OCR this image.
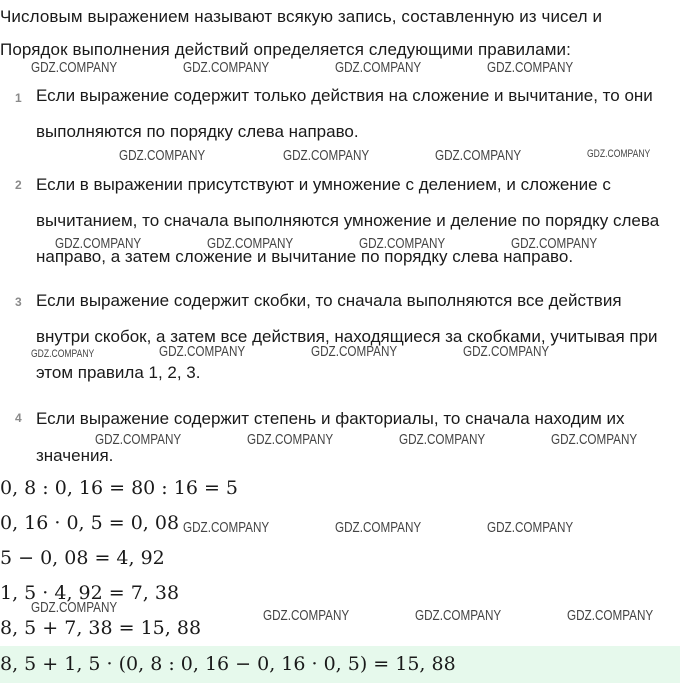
Числовым выражением называют всякую запись, составленную из чисел и
Порядок выполнения действий определяется следующими правилами:
1 Если выражение содержит только действия на сложение и вычитание, то они выполняются по порядку слева направо.
2 Если в выражении присутствуют и умножение с делением, и сложение с вычитанием, то сначала выполняются умножение и деление по порядку слева направо, а затем сложение и вычитание по порядку слева направо.
3 Если выражение содержит скобки, то сначала выполняются все действия внутри скобок, а затем все действия, находящиеся за скобками, учитывая при этом правила 1, 2, 3.
4 Если выражение содержит степень и факториалы, то сначала находим их значения.
0, 8 : 0, 16 = 80 : 16 = 5
0, 16 · 0, 5 = 0, 08
5 − 0, 08 = 4, 92
1, 5 · 4, 92 = 7, 38
8, 5 + 7, 38 = 15, 88
8, 5 + 1, 5 · (0, 8 : 0, 16 − 0, 16 · 0, 5) = 15, 88
GDZ.COMPANY	GDZ.COMPANY	GDZ.COMPANY	GDZ.COMPANY
GDZ.COMPANY	GDZ.COMPANY	GDZ.COMPANY	GDZ.COMPANY
GDZ.COMPANY	GDZ.COMPANY	GDZ.COMPANY	GDZ.COMPANY
GDZ.COMPANY	GDZ.COMPANY	GDZ.COMPANY	GDZ.COMPANY
GDZ.COMPANY	GDZ.COMPANY	GDZ.COMPANY	GDZ.COMPANY
GDZ.COMPANY	GDZ.COMPANY	GDZ.COMPANY
GDZ.COMPANY	GDZ.COMPANY	GDZ.COMPANY	GDZ.COMPANY
